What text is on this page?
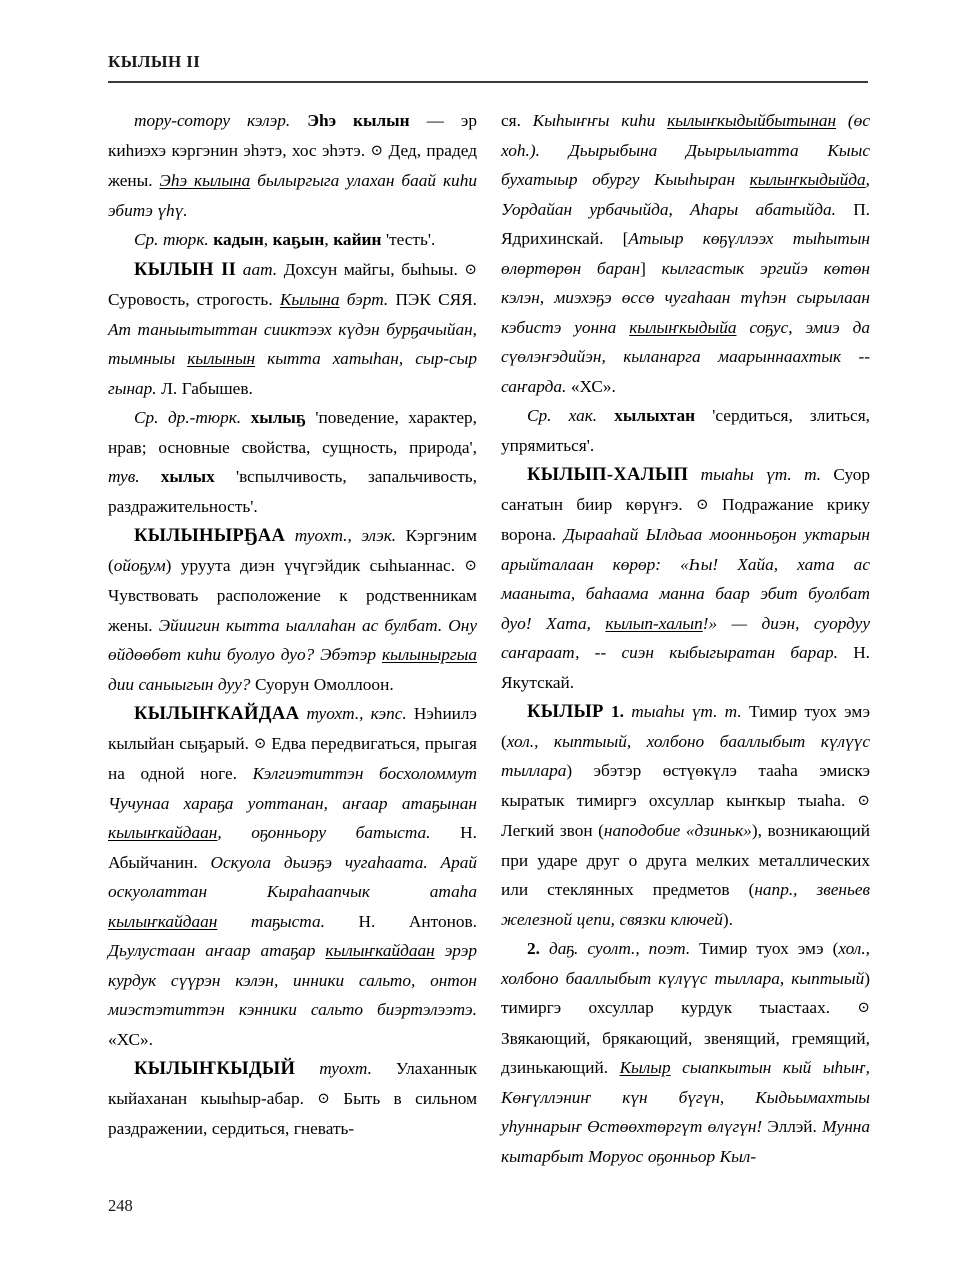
КЫЛЫН II

тору-сотору кэлэр. Эhэ кылын — эр киhиэхэ кэргэнин эhэтэ, хос эhэтэ. ⊙ Дед, прадед жены. Эhэ кылына былыргыга улахан баай киhи эбитэ үhү.

Ср. тюрк. кадын, каҕын, кайин 'тесть'.

КЫЛЫН II аат. Дохсун майгы, быhыы. ⊙ Суровость, строгость. Кылына бэрт. ПЭК СЯЯ. Ат таныытыттан сииктээх күдэн бурҕачыйан, тымныы кылынын кытта хатыhан, сыр-сыр гынар. Л. Габышев.

Ср. др.-тюрк. хылыҕ 'поведение, характер, нрав; основные свойства, сущность, природа', тув. хылых 'вспылчивость, запальчивость, раздражительность'.

КЫЛЫНЫРҔАА туохт., элэк. Кэргэним (ойоҕум) уруута диэн үчүгэйдик сыhыаннас. ⊙ Чувствовать расположение к родственникам жены. Эйиигин кытта ыаллаhан ас булбат. Ону өйдөөбөт киhи буолуо дуо? Эбэтэр кылыныргыа дии саныыгын дуу? Суорун Омоллоон.

КЫЛЫҤКАЙДАА туохт., кэпс. Нэhиилэ кылыйан сыҕарый. ⊙ Едва передвигаться, прыгая на одной ноге. Кэлгиэтиттэн босхоломмут Чучунаа хараҕа уоттанан, аҥаар атаҕынан кылыҥкайдаан, оҕонньору батыста. Н. Абыйчанин. Оскуола дьиэҕэ чугаhаата. Арай оскуолаттан Кыраhаапчык атаhа кылыҥкайдаан таҕыста. Н. Антонов. Дьулустаан аҥаар атаҕар кылыҥкайдаан эрэр курдук сүүрэн кэлэн, инники сальто, онтон миэстэтиттэн кэнники сальто биэртэлээтэ. «ХС».

КЫЛЫҤКЫДЫЙ туохт. Улаханнык кыйаханан кыыhыр-абар. ⊙ Быть в сильном раздражении, сердиться, гневать-

ся. Кыhыҥҥы киhи кылыҥкыдыйбытынан (өс хоh.). Дьырыбына Дьырылыатта Кыыс бухатыыр обургу Кыыhыран кылыҥкыдыйда, Уордайан урбачыйда, Аhары абатыйда. П. Ядрихинскай. [Атыыр көҕүллээх тыhытын өлөртөрөн баран] кылгастык эргийэ көтөн кэлэн, миэхэҕэ өссө чугаhаан түhэн сырылаан кэбистэ уонна кылыҥкыдыйа соҕус, эмиэ да сүөлэҥэдийэн, кыланарга маарыннаахтык -- саҥарда. «ХС».

Ср. хак. хылыхтан 'сердиться, злиться, упрямиться'.

КЫЛЫП-ХАЛЫП тыаhы үт. т. Суор саҥатын биир көрүҥэ. ⊙ Подражание крику ворона. Дырааhай Ылдьаа моонньоҕон уктарын арыйталаан көрөр: «Һы! Хайа, хата ас мааныта, баhаама манна баар эбит буолбат дуо! Хата, кылып-халып!» — диэн, суордуу саҥараат, -- сиэн кыбыгыратан барар. Н. Якутскай.

КЫЛЫР 1. тыаhы үт. т. Тимир туох эмэ (хол., кыптыый, холбоно бааллыбыт күлүүс тыллара) эбэтэр өстүөкүлэ тааhа эмискэ кыратык тимиргэ охсуллар кыҥкыр тыаhа. ⊙ Легкий звон (наподобие «дзиньк»), возникающий при ударе друг о друга мелких металлических или стеклянных предметов (напр., звеньев железной цепи, связки ключей).

2. даҕ. суолт., поэт. Тимир туох эмэ (хол., холбоно бааллыбыт күлүүс тыллара, кыптыый) тимиргэ охсуллар курдук тыастаах. ⊙ Звякающий, брякающий, звенящий, гремящий, дзинькающий. Кылыр сыапкытын кый ыhыҥ, Көҥүллэниҥ күн бүгүн, Кыдьымахтыы уhуннарыҥ Өстөөхтөргүт өлүгүн! Эллэй. Мунна кытарбыт Моруос оҕонньор Кыл-

248
